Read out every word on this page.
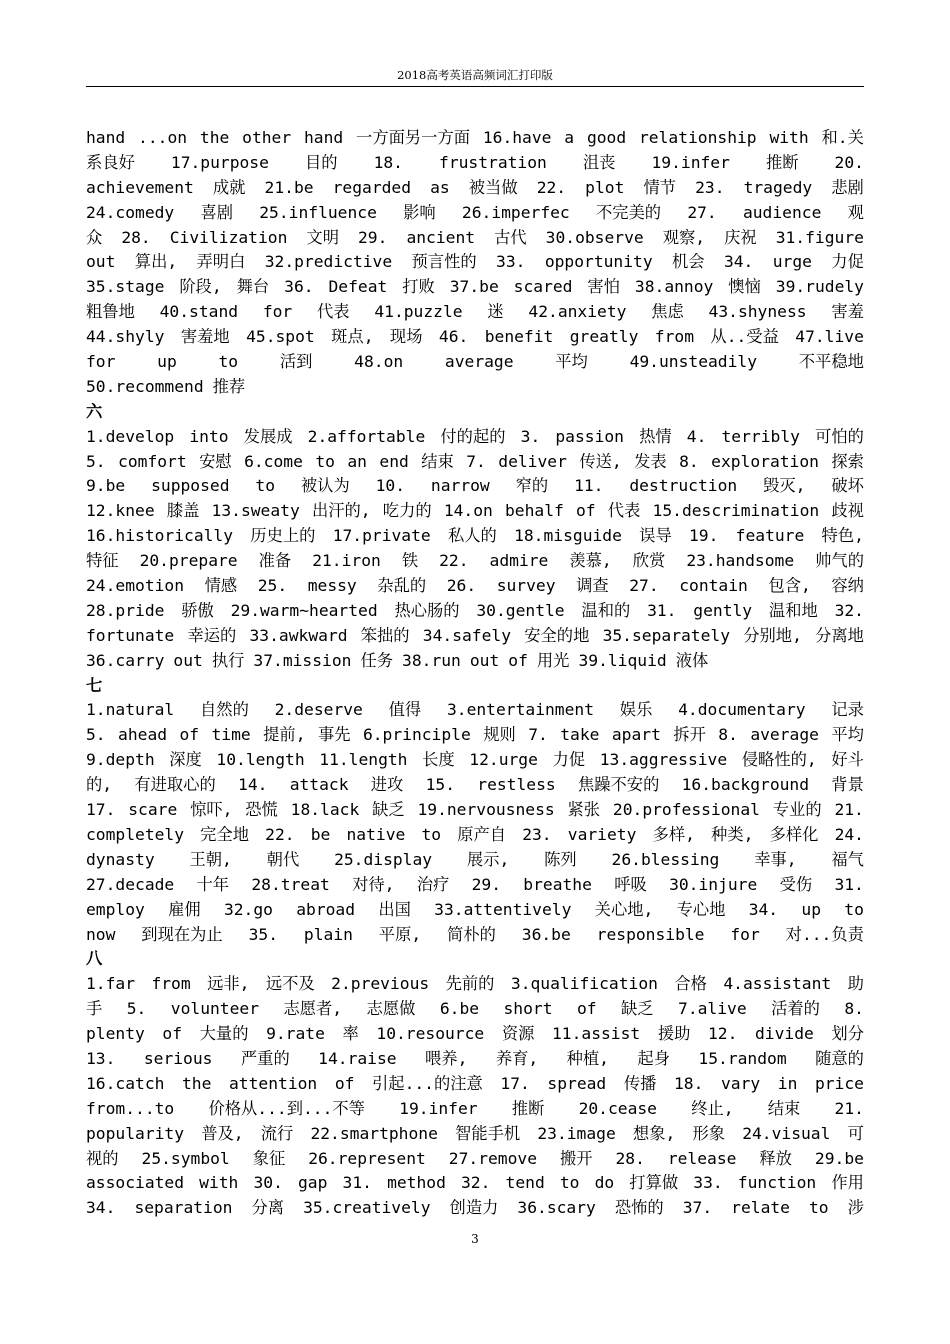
2018高考英语高频词汇打印版
hand ...on the other hand 一方面另一方面 16.have a good relationship with 和.关
系良好 17.purpose 目的 18. frustration 沮丧 19.infer 推断 20.
achievement 成就 21.be regarded as 被当做 22. plot 情节 23. tragedy 悲剧
24.comedy 喜剧 25.influence 影响 26.imperfec 不完美的 27. audience 观
众 28. Civilization 文明 29. ancient 古代 30.observe 观察, 庆祝 31.figure
out 算出, 弄明白 32.predictive 预言性的 33. opportunity 机会 34. urge 力促
35.stage 阶段, 舞台 36. Defeat 打败 37.be scared 害怕 38.annoy 懊恼 39.rudely
粗鲁地 40.stand for 代表 41.puzzle 迷 42.anxiety 焦虑 43.shyness 害羞
44.shyly 害羞地 45.spot 斑点, 现场 46. benefit greatly from 从..受益 47.live
for	up	to	活到	48.on	average	平均	49.unsteadily	不平稳地
50.recommend 推荐
六
1.develop into 发展成 2.affortable 付的起的 3. passion 热情 4. terribly 可怕的
5. comfort 安慰 6.come to an end 结束 7. deliver 传送, 发表 8. exploration 探索
9.be supposed to 被认为 10. narrow 窄的 11. destruction 毁灭, 破坏
12.knee 膝盖 13.sweaty 出汗的, 吃力的 14.on behalf of 代表 15.descrimination 歧视
16.historically 历史上的 17.private 私人的 18.misguide 误导 19. feature 特色,
特征 20.prepare 准备 21.iron 铁 22. admire 羡慕, 欣赏 23.handsome 帅气的
24.emotion 情感 25. messy 杂乱的 26. survey 调查 27. contain 包含, 容纳
28.pride 骄傲 29.warm~hearted 热心肠的 30.gentle 温和的 31. gently 温和地 32.
fortunate 幸运的 33.awkward 笨拙的 34.safely 安全的地 35.separately 分别地, 分离地
36.carry out 执行 37.mission 任务 38.run out of 用光 39.liquid 液体
七
1.natural 自然的 2.deserve 值得 3.entertainment 娱乐 4.documentary 记录
5. ahead of time 提前, 事先 6.principle 规则 7. take apart 拆开 8. average 平均
9.depth 深度 10.length 11.length 长度 12.urge 力促 13.aggressive 侵略性的, 好斗
的, 有进取心的 14. attack 进攻 15. restless 焦躁不安的 16.background 背景
17. scare 惊吓, 恐慌 18.lack 缺乏 19.nervousness 紧张 20.professional 专业的 21.
completely 完全地 22. be native to 原产自 23. variety 多样, 种类, 多样化 24.
dynasty 王朝, 朝代 25.display 展示, 陈列 26.blessing 幸事, 福气
27.decade 十年 28.treat 对待, 治疗 29. breathe 呼吸 30.injure 受伤 31.
employ 雇佣 32.go abroad 出国 33.attentively 关心地, 专心地 34. up to
now 到现在为止 35. plain 平原, 简朴的 36.be responsible for 对...负责
八
1.far from 远非, 远不及 2.previous 先前的 3.qualification 合格 4.assistant 助
手 5. volunteer 志愿者, 志愿做 6.be short of 缺乏 7.alive 活着的 8.
plenty of 大量的 9.rate 率 10.resource 资源 11.assist 援助 12. divide 划分
13. serious 严重的 14.raise 喂养, 养育, 种植, 起身 15.random 随意的
16.catch the attention of 引起...的注意 17. spread 传播 18. vary in price
from...to 价格从...到...不等 19.infer 推断 20.cease 终止, 结束 21.
popularity 普及, 流行 22.smartphone 智能手机 23.image 想象, 形象 24.visual 可
视的 25.symbol 象征 26.represent 27.remove 搬开 28. release 释放 29.be
associated with 30. gap 31. method 32. tend to do 打算做 33. function 作用
34. separation 分离 35.creatively 创造力 36.scary 恐怖的 37. relate to 涉
3
